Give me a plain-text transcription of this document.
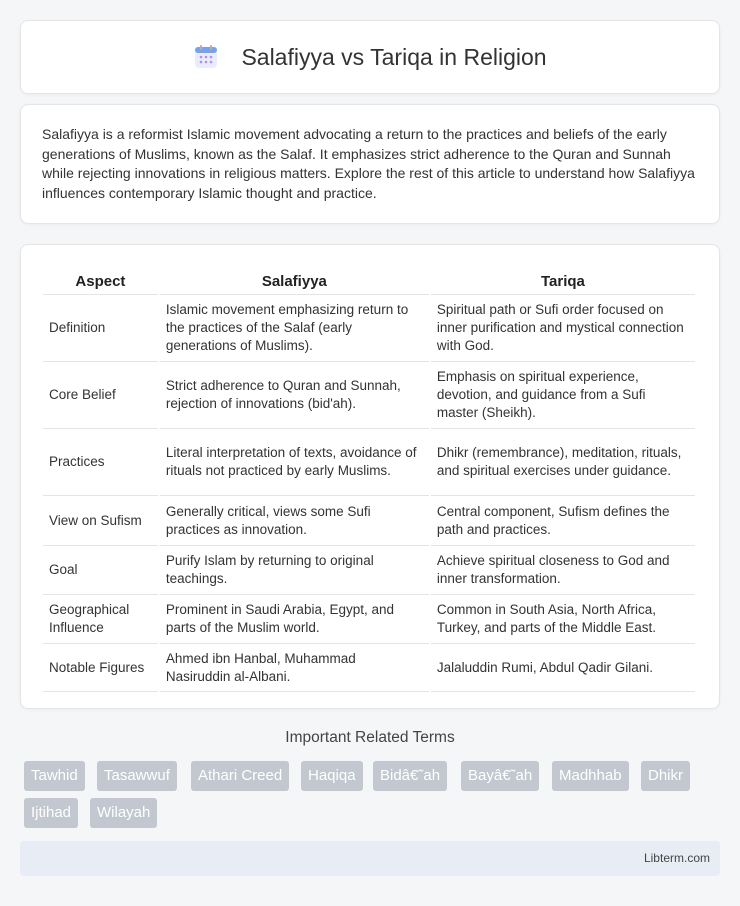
Salafiyya vs Tariqa in Religion

Salafiyya is a reformist Islamic movement advocating a return to the practices and beliefs of the early generations of Muslims, known as the Salaf. It emphasizes strict adherence to the Quran and Sunnah while rejecting innovations in religious matters. Explore the rest of this article to understand how Salafiyya influences contemporary Islamic thought and practice.

Aspect	Salafiyya	Tariqa
Definition	Islamic movement emphasizing return to the practices of the Salaf (early generations of Muslims).	Spiritual path or Sufi order focused on inner purification and mystical connection with God.
Core Belief	Strict adherence to Quran and Sunnah, rejection of innovations (bid'ah).	Emphasis on spiritual experience, devotion, and guidance from a Sufi master (Sheikh).
Practices	Literal interpretation of texts, avoidance of rituals not practiced by early Muslims.	Dhikr (remembrance), meditation, rituals, and spiritual exercises under guidance.
View on Sufism	Generally critical, views some Sufi practices as innovation.	Central component, Sufism defines the path and practices.
Goal	Purify Islam by returning to original teachings.	Achieve spiritual closeness to God and inner transformation.
Geographical Influence	Prominent in Saudi Arabia, Egypt, and parts of the Muslim world.	Common in South Asia, North Africa, Turkey, and parts of the Middle East.
Notable Figures	Ahmed ibn Hanbal, Muhammad Nasiruddin al-Albani.	Jalaluddin Rumi, Abdul Qadir Gilani.
Important Related Terms
Tawhid	Tasawwuf	Athari Creed	Haqiqa	Bidâ€˜ah	Bayâ€˜ah	Madhhab	Dhikr
Ijtihad	Wilayah
Libterm.com
